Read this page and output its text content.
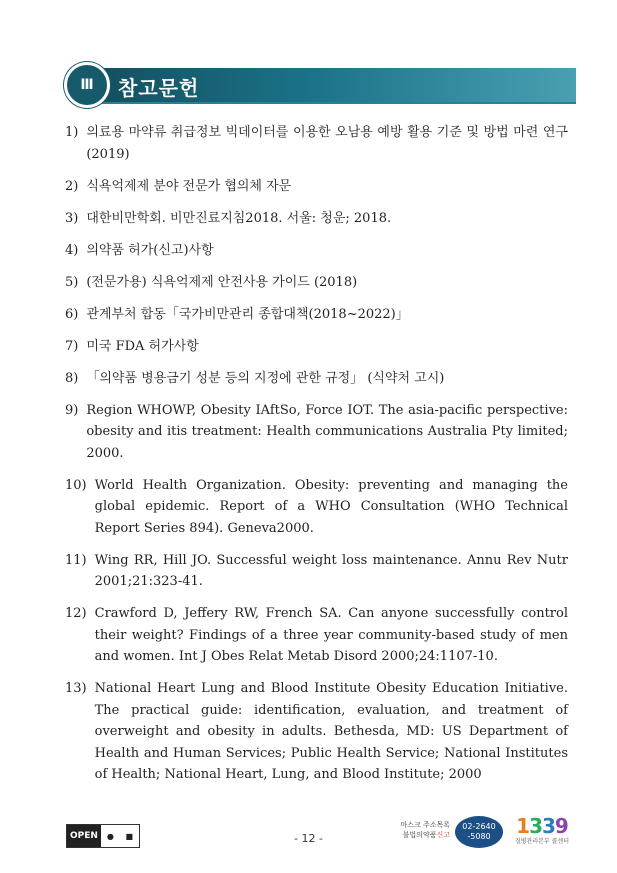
Ⅲ	참고문헌
1) 의료용 마약류 취급정보 빅데이터를 이용한 오남용 예방 활용 기준 및 방법 마련 연구 (2019)
2) 식욕억제제 분야 전문가 협의체 자문
3) 대한비만학회. 비만진료지침2018. 서울: 청운; 2018.
4) 의약품 허가(신고)사항
5) (전문가용) 식욕억제제 안전사용 가이드 (2018)
6) 관계부처 합동「국가비만관리 종합대책(2018~2022)」
7) 미국 FDA 허가사항
8) 「의약품 병용금기 성분 등의 지정에 관한 규정」 (식약처 고시)
9) Region WHOWP, Obesity IAftSo, Force IOT. The asia-pacific perspective: obesity and itis treatment: Health communications Australia Pty limited; 2000.
10) World Health Organization. Obesity: preventing and managing the global epidemic. Report of a WHO Consultation (WHO Technical Report Series 894). Geneva2000.
11) Wing RR, Hill JO. Successful weight loss maintenance. Annu Rev Nutr 2001;21:323-41.
12) Crawford D, Jeffery RW, French SA. Can anyone successfully control their weight? Findings of a three year community-based study of men and women. Int J Obes Relat Metab Disord 2000;24:1107-10.
13) National Heart Lung and Blood Institute Obesity Education Initiative. The practical guide: identification, evaluation, and treatment of overweight and obesity in adults. Bethesda, MD: US Department of Health and Human Services; Public Health Service; National Institutes of Health; National Heart, Lung, and Blood Institute; 2000
OPEN	● ■	- 12 -
마스크 주소목록
불법의약품신고
02-2640
-5080 1339
질병관리본부 콜센터
